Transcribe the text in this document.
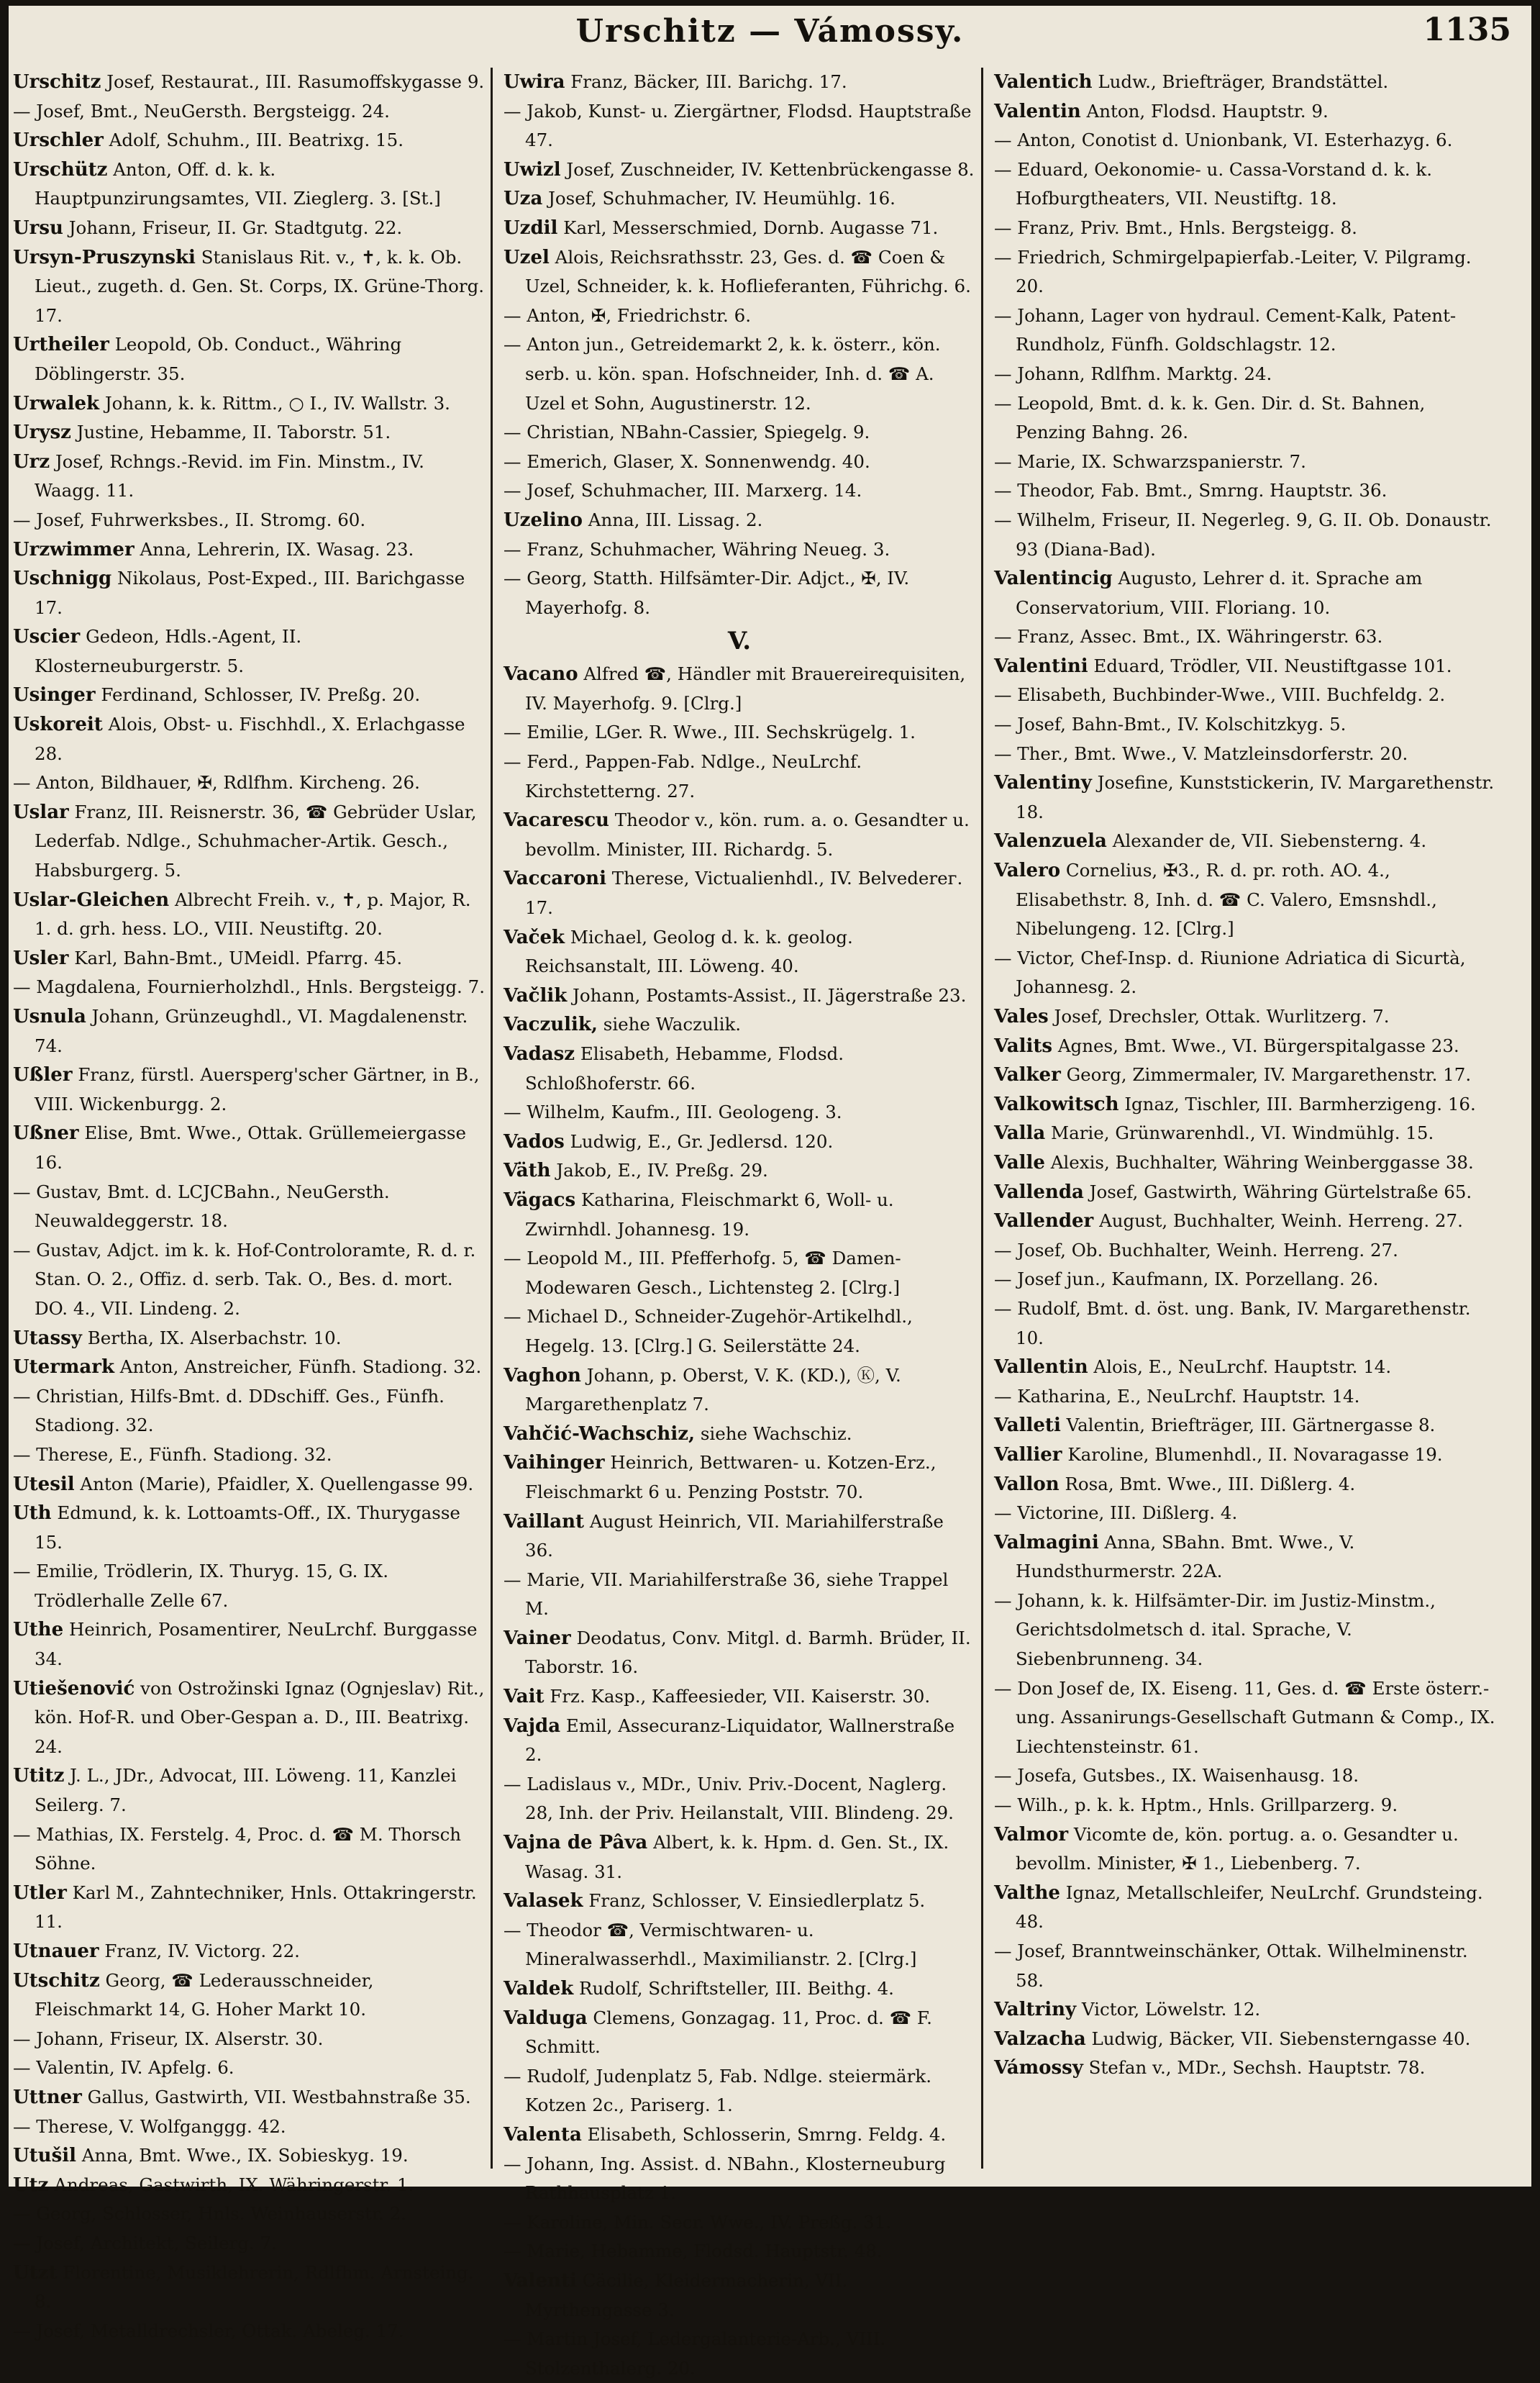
Urschitz — Vámossy.	1135

Urschitz Josef, Restaurat., III. Rasumoffskygasse 9.

— Josef, Bmt., NeuGersth. Bergsteigg. 24.

Urschler Adolf, Schuhm., III. Beatrixg. 15.

Urschütz Anton, Off. d. k. k. Hauptpunzirungsamtes, VII. Zieglerg. 3. [St.]

Ursu Johann, Friseur, II. Gr. Stadtgutg. 22.

Ursyn-Pruszynski Stanislaus Rit. v., ✝, k. k. Ob. Lieut., zugeth. d. Gen. St. Corps, IX. Grüne-Thorg. 17.

Urtheiler Leopold, Ob. Conduct., Währing Döblingerstr. 35.

Urwalek Johann, k. k. Rittm., ○ I., IV. Wallstr. 3.

Urysz Justine, Hebamme, II. Taborstr. 51.

Urz Josef, Rchngs.-Revid. im Fin. Minstm., IV. Waagg. 11.

— Josef, Fuhrwerksbes., II. Stromg. 60.

Urzwimmer Anna, Lehrerin, IX. Wasag. 23.

Uschnigg Nikolaus, Post-Exped., III. Barichgasse 17.

Uscier Gedeon, Hdls.-Agent, II. Klosterneuburgerstr. 5.

Usinger Ferdinand, Schlosser, IV. Preßg. 20.

Uskoreit Alois, Obst- u. Fischhdl., X. Erlachgasse 28.

— Anton, Bildhauer, ✠, Rdlfhm. Kircheng. 26.

Uslar Franz, III. Reisnerstr. 36, ☎ Gebrüder Uslar, Lederfab. Ndlge., Schuhmacher-Artik. Gesch., Habsburgerg. 5.

Uslar-Gleichen Albrecht Freih. v., ✝, p. Major, R. 1. d. grh. hess. LO., VIII. Neustiftg. 20.

Usler Karl, Bahn-Bmt., UMeidl. Pfarrg. 45.

— Magdalena, Fournierholzhdl., Hnls. Bergsteigg. 7.

Usnula Johann, Grünzeughdl., VI. Magdalenenstr. 74.

Ußler Franz, fürstl. Auersperg'scher Gärtner, in B., VIII. Wickenburgg. 2.

Ußner Elise, Bmt. Wwe., Ottak. Grüllemeiergasse 16.

— Gustav, Bmt. d. LCJCBahn., NeuGersth. Neuwaldeggerstr. 18.

— Gustav, Adjct. im k. k. Hof-Controloramte, R. d. r. Stan. O. 2., Offiz. d. serb. Tak. O., Bes. d. mort. DO. 4., VII. Lindeng. 2.

Utassy Bertha, IX. Alserbachstr. 10.

Utermark Anton, Anstreicher, Fünfh. Stadiong. 32.

— Christian, Hilfs-Bmt. d. DDschiff. Ges., Fünfh. Stadiong. 32.

— Therese, E., Fünfh. Stadiong. 32.

Utesil Anton (Marie), Pfaidler, X. Quellengasse 99.

Uth Edmund, k. k. Lottoamts-Off., IX. Thurygasse 15.

— Emilie, Trödlerin, IX. Thuryg. 15, G. IX. Trödlerhalle Zelle 67.

Uthe Heinrich, Posamentirer, NeuLrchf. Burggasse 34.

Utiešenović von Ostrožinski Ignaz (Ognjeslav) Rit., kön. Hof-R. und Ober-Gespan a. D., III. Beatrixg. 24.

Utitz J. L., JDr., Advocat, III. Löweng. 11, Kanzlei Seilerg. 7.

— Mathias, IX. Ferstelg. 4, Proc. d. ☎ M. Thorsch Söhne.

Utler Karl M., Zahntechniker, Hnls. Ottakringerstr. 11.

Utnauer Franz, IV. Victorg. 22.

Utschitz Georg, ☎ Lederausschneider, Fleischmarkt 14, G. Hoher Markt 10.

— Johann, Friseur, IX. Alserstr. 30.

— Valentin, IV. Apfelg. 6.

Uttner Gallus, Gastwirth, VII. Westbahnstraße 35.

— Therese, V. Wolfganggg. 42.

Utušil Anna, Bmt. Wwe., IX. Sobieskyg. 19.

Utz Andreas, Gastwirth, IX. Währingerstr. 1.

— Georg, Schlosser, Hnls. Weinhauserstr. 2.

— Josef, Architekt, Seilerg. 7.

Utzt Florentine, Musiklehrerin, Rdlfhm. Arnsteing. 8.

— Josef, Metalldrechsler, Ottak. Abeleg. 17.

Uwira Franz, Bäcker, III. Barichg. 17.

— Jakob, Kunst- u. Ziergärtner, Flodsd. Hauptstraße 47.

Uwizl Josef, Zuschneider, IV. Kettenbrückengasse 8.

Uza Josef, Schuhmacher, IV. Heumühlg. 16.

Uzdil Karl, Messerschmied, Dornb. Augasse 71.

Uzel Alois, Reichsrathsstr. 23, Ges. d. ☎ Coen & Uzel, Schneider, k. k. Hoflieferanten, Führichg. 6.

— Anton, ✠, Friedrichstr. 6.

— Anton jun., Getreidemarkt 2, k. k. österr., kön. serb. u. kön. span. Hofschneider, Inh. d. ☎ A. Uzel et Sohn, Augustinerstr. 12.

— Christian, NBahn-Cassier, Spiegelg. 9.

— Emerich, Glaser, X. Sonnenwendg. 40.

— Josef, Schuhmacher, III. Marxerg. 14.

Uzelino Anna, III. Lissag. 2.

— Franz, Schuhmacher, Währing Neueg. 3.

— Georg, Statth. Hilfsämter-Dir. Adjct., ✠, IV. Mayerhofg. 8.

V.

Vacano Alfred ☎, Händler mit Brauereirequisiten, IV. Mayerhofg. 9. [Clrg.]

— Emilie, LGer. R. Wwe., III. Sechskrügelg. 1.

— Ferd., Pappen-Fab. Ndlge., NeuLrchf. Kirchstetterng. 27.

Vacarescu Theodor v., kön. rum. a. o. Gesandter u. bevollm. Minister, III. Richardg. 5.

Vaccaroni Therese, Victualienhdl., IV. Belvederег. 17.

Vaček Michael, Geolog d. k. k. geolog. Reichsanstalt, III. Löweng. 40.

Vačlik Johann, Postamts-Assist., II. Jägerstraße 23.

Vaczulik, siehe Waczulik.

Vadasz Elisabeth, Hebamme, Flodsd. Schloßhoferstr. 66.

— Wilhelm, Kaufm., III. Geologeng. 3.

Vados Ludwig, E., Gr. Jedlersd. 120.

Väth Jakob, E., IV. Preßg. 29.

Vägacs Katharina, Fleischmarkt 6, Woll- u. Zwirnhdl. Johannesg. 19.

— Leopold M., III. Pfefferhofg. 5, ☎ Damen-Modewaren Gesch., Lichtensteg 2. [Clrg.]

— Michael D., Schneider-Zugehör-Artikelhdl., Hegelg. 13. [Clrg.] G. Seilerstätte 24.

Vaghon Johann, p. Oberst, V. K. (KD.), Ⓚ, V. Margarethenplatz 7.

Vahčić-Wachschiz, siehe Wachschiz.

Vaihinger Heinrich, Bettwaren- u. Kotzen-Erz., Fleischmarkt 6 u. Penzing Poststr. 70.

Vaillant August Heinrich, VII. Mariahilferstraße 36.

— Marie, VII. Mariahilferstraße 36, siehe Trappel M.

Vainer Deodatus, Conv. Mitgl. d. Barmh. Brüder, II. Taborstr. 16.

Vait Frz. Kasp., Kaffeesieder, VII. Kaiserstr. 30.

Vajda Emil, Assecuranz-Liquidator, Wallnerstraße 2.

— Ladislaus v., MDr., Univ. Priv.-Docent, Naglerg. 28, Inh. der Priv. Heilanstalt, VIII. Blindeng. 29.

Vajna de Pâva Albert, k. k. Hpm. d. Gen. St., IX. Wasag. 31.

Valasek Franz, Schlosser, V. Einsiedlerplatz 5.

— Theodor ☎, Vermischtwaren- u. Mineralwasserhdl., Maximilianstr. 2. [Clrg.]

Valdek Rudolf, Schriftsteller, III. Beithg. 4.

Valduga Clemens, Gonzagag. 11, Proc. d. ☎ F. Schmitt.

— Rudolf, Judenplatz 5, Fab. Ndlge. steiermärk. Kotzen 2c., Pariserg. 1.

Valenta Elisabeth, Schlosserin, Smrng. Feldg. 4.

— Johann, Ing. Assist. d. NBahn., Klosterneuburg Rathhausplatz 1.

— Karoline, Min. Secr. Wwe., IV. Preßg. 31.

— Marie, Hebamme, Flodsd. Hauptstr. 48.

Valenti Cäcilie, Kleidermacherin, VII. Myrthengasse 3.

— Martin Josef, Ledergalanterie-Arb., VIII. Stolzenthalerg. 20.

Valentich Ludw., Briefträger, Brandstättel.

Valentin Anton, Flodsd. Hauptstr. 9.

— Anton, Conotist d. Unionbank, VI. Esterhazyg. 6.

— Eduard, Oekonomie- u. Cassa-Vorstand d. k. k. Hofburgtheaters, VII. Neustiftg. 18.

— Franz, Priv. Bmt., Hnls. Bergsteigg. 8.

— Friedrich, Schmirgelpapierfab.-Leiter, V. Pilgramg. 20.

— Johann, Lager von hydraul. Cement-Kalk, Patent-Rundholz, Fünfh. Goldschlagstr. 12.

— Johann, Rdlfhm. Marktg. 24.

— Leopold, Bmt. d. k. k. Gen. Dir. d. St. Bahnen, Penzing Bahng. 26.

— Marie, IX. Schwarzspanierstr. 7.

— Theodor, Fab. Bmt., Smrng. Hauptstr. 36.

— Wilhelm, Friseur, II. Negerleg. 9, G. II. Ob. Donaustr. 93 (Diana-Bad).

Valentincig Augusto, Lehrer d. it. Sprache am Conservatorium, VIII. Floriang. 10.

— Franz, Assec. Bmt., IX. Währingerstr. 63.

Valentini Eduard, Trödler, VII. Neustiftgasse 101.

— Elisabeth, Buchbinder-Wwe., VIII. Buchfeldg. 2.

— Josef, Bahn-Bmt., IV. Kolschitzkyg. 5.

— Ther., Bmt. Wwe., V. Matzleinsdorferstr. 20.

Valentiny Josefine, Kunststickerin, IV. Margarethenstr. 18.

Valenzuela Alexander de, VII. Siebensterng. 4.

Valero Cornelius, ✠3., R. d. pr. roth. AO. 4., Elisabethstr. 8, Inh. d. ☎ C. Valero, Emsnshdl., Nibelungeng. 12. [Clrg.]

— Victor, Chef-Insp. d. Riunione Adriatica di Sicurtà, Johannesg. 2.

Vales Josef, Drechsler, Ottak. Wurlitzerg. 7.

Valits Agnes, Bmt. Wwe., VI. Bürgerspitalgasse 23.

Valker Georg, Zimmermaler, IV. Margarethenstr. 17.

Valkowitsch Ignaz, Tischler, III. Barmherzigeng. 16.

Valla Marie, Grünwarenhdl., VI. Windmühlg. 15.

Valle Alexis, Buchhalter, Währing Weinberggasse 38.

Vallenda Josef, Gastwirth, Währing Gürtelstraße 65.

Vallender August, Buchhalter, Weinh. Herreng. 27.

— Josef, Ob. Buchhalter, Weinh. Herreng. 27.

— Josef jun., Kaufmann, IX. Porzellang. 26.

— Rudolf, Bmt. d. öst. ung. Bank, IV. Margarethenstr. 10.

Vallentin Alois, E., NeuLrchf. Hauptstr. 14.

— Katharina, E., NeuLrchf. Hauptstr. 14.

Valleti Valentin, Briefträger, III. Gärtnergasse 8.

Vallier Karoline, Blumenhdl., II. Novaragasse 19.

Vallon Rosa, Bmt. Wwe., III. Dißlerg. 4.

— Victorine, III. Dißlerg. 4.

Valmagini Anna, SBahn. Bmt. Wwe., V. Hundsthurmerstr. 22A.

— Johann, k. k. Hilfsämter-Dir. im Justiz-Minstm., Gerichtsdolmetsch d. ital. Sprache, V. Siebenbrunneng. 34.

— Don Josef de, IX. Eiseng. 11, Ges. d. ☎ Erste österr.-ung. Assanirungs-Gesellschaft Gutmann & Comp., IX. Liechtensteinstr. 61.

— Josefa, Gutsbes., IX. Waisenhausg. 18.

— Wilh., p. k. k. Hptm., Hnls. Grillparzerg. 9.

Valmor Vicomte de, kön. portug. a. o. Gesandter u. bevollm. Minister, ✠ 1., Liebenberg. 7.

Valthe Ignaz, Metallschleifer, NeuLrchf. Grundsteing. 48.

— Josef, Branntweinschänker, Ottak. Wilhelminenstr. 58.

Valtriny Victor, Löwelstr. 12.

Valzacha Ludwig, Bäcker, VII. Siebensterngasse 40.

Vámossy Stefan v., MDr., Sechsh. Hauptstr. 78.
